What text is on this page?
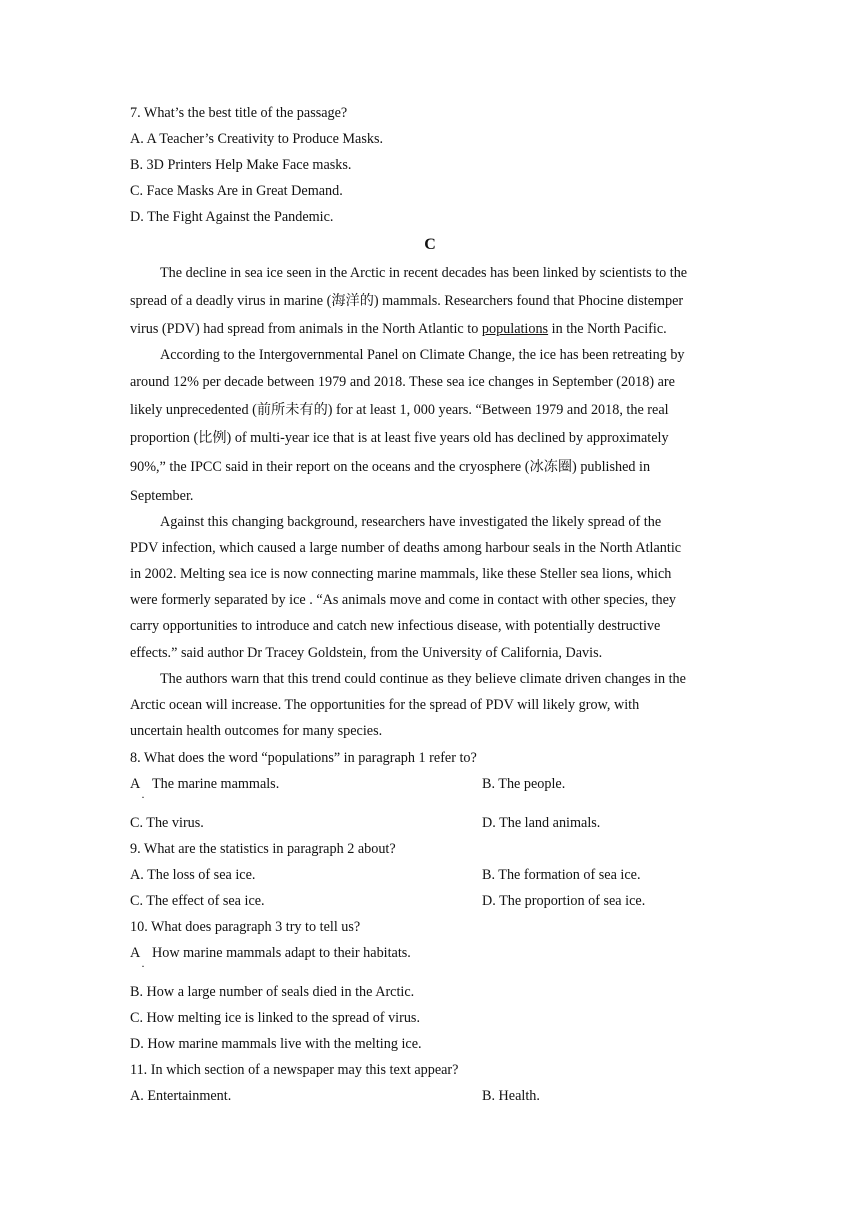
7. What’s the best title of the passage?
A. A Teacher’s Creativity to Produce Masks.
B. 3D Printers Help Make Face masks.
C. Face Masks Are in Great Demand.
D. The Fight Against the Pandemic.
C
The decline in sea ice seen in the Arctic in recent decades has been linked by scientists to the
spread of a deadly virus in marine (海洋的) mammals. Researchers found that Phocine distemper
virus (PDV) had spread from animals in the North Atlantic to populations in the North Pacific.
According to the Intergovernmental Panel on Climate Change, the ice has been retreating by
around 12% per decade between 1979 and 2018. These sea ice changes in September (2018) are
likely unprecedented (前所未有的) for at least 1, 000 years. “Between 1979 and 2018, the real
proportion (比例) of multi-year ice that is at least five years old has declined by approximately
90%,” the IPCC said in their report on the oceans and the cryosphere (冰冻圈) published in
September.
Against this changing background, researchers have investigated the likely spread of the
PDV infection, which caused a large number of deaths among harbour seals in the North Atlantic
in 2002. Melting sea ice is now connecting marine mammals, like these Steller sea lions, which
were formerly separated by ice . “As animals move and come in contact with other species, they
carry opportunities to introduce and catch new infectious disease, with potentially destructive
effects.” said author Dr Tracey Goldstein, from the University of California, Davis.
The authors warn that this trend could continue as they believe climate driven changes in the
Arctic ocean will increase. The opportunities for the spread of PDV will likely grow, with
uncertain health outcomes for many species.
8. What does the word “populations” in paragraph 1 refer to?
A
·
The marine mammals.	B. The people.
C. The virus.	D. The land animals.
9. What are the statistics in paragraph 2 about?
A. The loss of sea ice.	B. The formation of sea ice.
C. The effect of sea ice.	D. The proportion of sea ice.
10. What does paragraph 3 try to tell us?
A
·
How marine mammals adapt to their habitats.
B. How a large number of seals died in the Arctic.
C. How melting ice is linked to the spread of virus.
D. How marine mammals live with the melting ice.
11. In which section of a newspaper may this text appear?
A. Entertainment.	B. Health.
